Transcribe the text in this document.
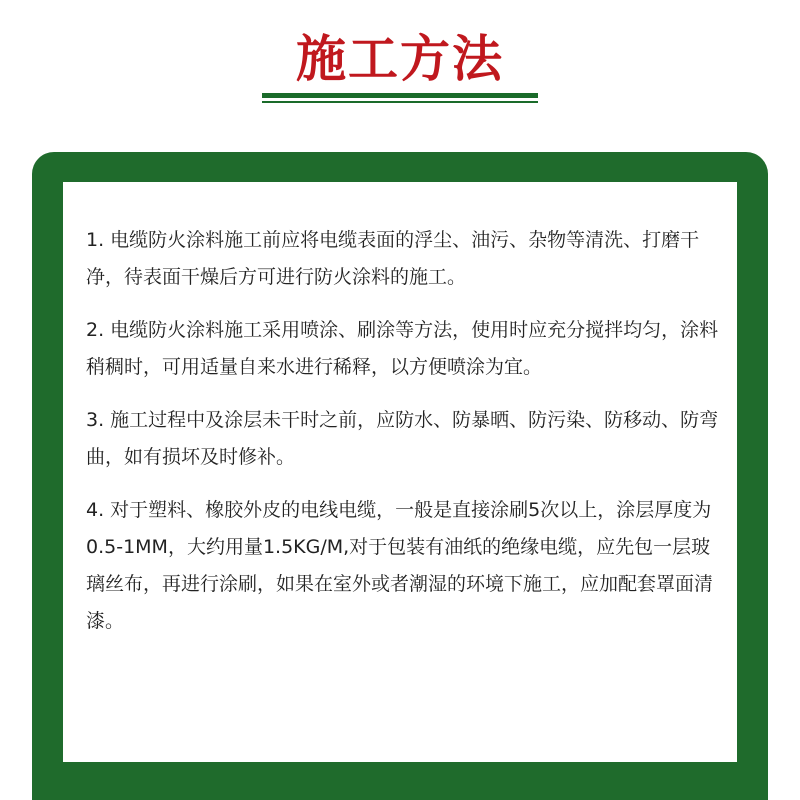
施工方法

1. 电缆防火涂料施工前应将电缆表面的浮尘、油污、杂物等清洗、打磨干净，待表面干燥后方可进行防火涂料的施工。

2. 电缆防火涂料施工采用喷涂、刷涂等方法，使用时应充分搅拌均匀，涂料稍稠时，可用适量自来水进行稀释，以方便喷涂为宜。

3. 施工过程中及涂层未干时之前，应防水、防暴晒、防污染、防移动、防弯曲，如有损坏及时修补。

4. 对于塑料、橡胶外皮的电线电缆，一般是直接涂刷5次以上，涂层厚度为0.5-1MM，大约用量1.5KG/M,对于包装有油纸的绝缘电缆，应先包一层玻璃丝布，再进行涂刷，如果在室外或者潮湿的环境下施工，应加配套罩面清漆。
